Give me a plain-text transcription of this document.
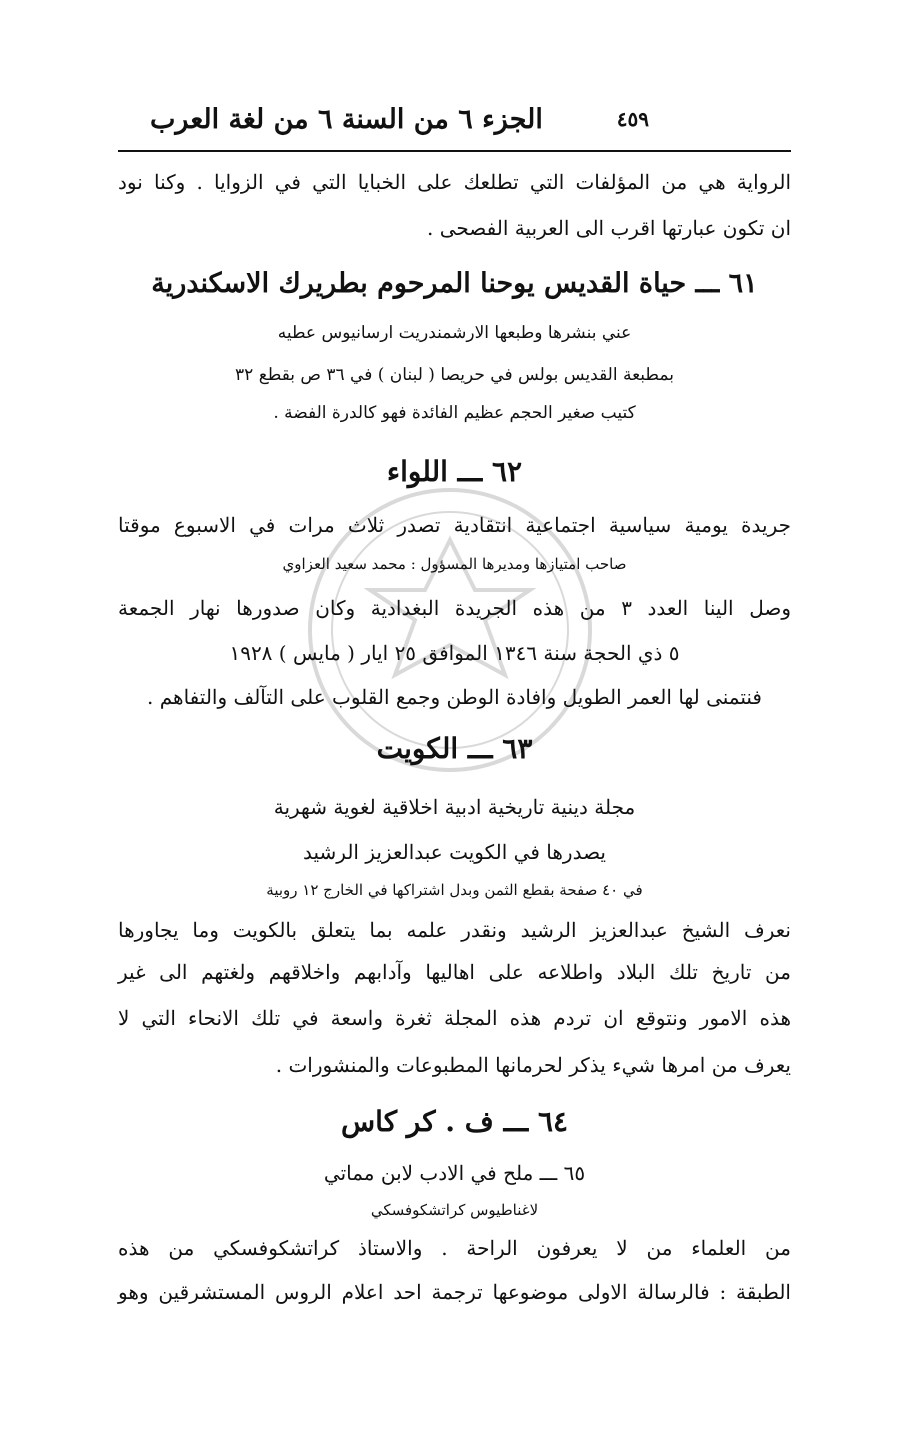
٤٥٩
الجزء ٦ من السنة ٦ من لغة العرب
الرواية هي من المؤلفات التي تطلعك على الخبايا التي في الزوايا . وكنا نود
ان تكون عبارتها اقرب الى العربية الفصحى .
٦١ ـــ حياة القديس يوحنا المرحوم بطريرك الاسكندرية
عني بنشرها وطبعها الارشمندريت ارسانيوس عطيه
بمطبعة القديس بولس في حريصا ( لبنان ) في ٣٦ ص بقطع ٣٢
كتيب صغير الحجم عظيم الفائدة فهو كالدرة الفضة .
٦٢ ـــ اللواء
جريدة يومية سياسية اجتماعية انتقادية تصدر ثلاث مرات في الاسبوع موقتا
صاحب امتيازها ومديرها المسؤول : محمد سعيد العزاوي
وصل الينا العدد ٣ من هذه الجريدة البغدادية وكان صدورها نهار الجمعة
٥ ذي الحجة سنة ١٣٤٦ الموافق ٢٥ ايار ( مايس ) ١٩٢٨
فنتمنى لها العمر الطويل وافادة الوطن وجمع القلوب على التآلف والتفاهم .
٦٣ ـــ الكويت
مجلة دينية تاريخية ادبية اخلاقية لغوية شهرية
يصدرها في الكويت عبدالعزيز الرشيد
في ٤٠ صفحة بقطع الثمن وبدل اشتراكها في الخارج ١٢ روبية
نعرف الشيخ عبدالعزيز الرشيد ونقدر علمه بما يتعلق بالكويت وما يجاورها
من تاريخ تلك البلاد واطلاعه على اهاليها وآدابهم واخلاقهم ولغتهم الى غير
هذه الامور ونتوقع ان تردم هذه المجلة ثغرة واسعة في تلك الانحاء التي لا
يعرف من امرها شيء يذكر لحرمانها المطبوعات والمنشورات .
٦٤ ـــ ف . كر كاس
٦٥ ـــ ملح في الادب لابن مماتي
لاغناطيوس كراتشكوفسكي
من العلماء من لا يعرفون الراحة . والاستاذ كراتشكوفسكي من هذه
الطبقة : فالرسالة الاولى موضوعها ترجمة احد اعلام الروس المستشرقين وهو
